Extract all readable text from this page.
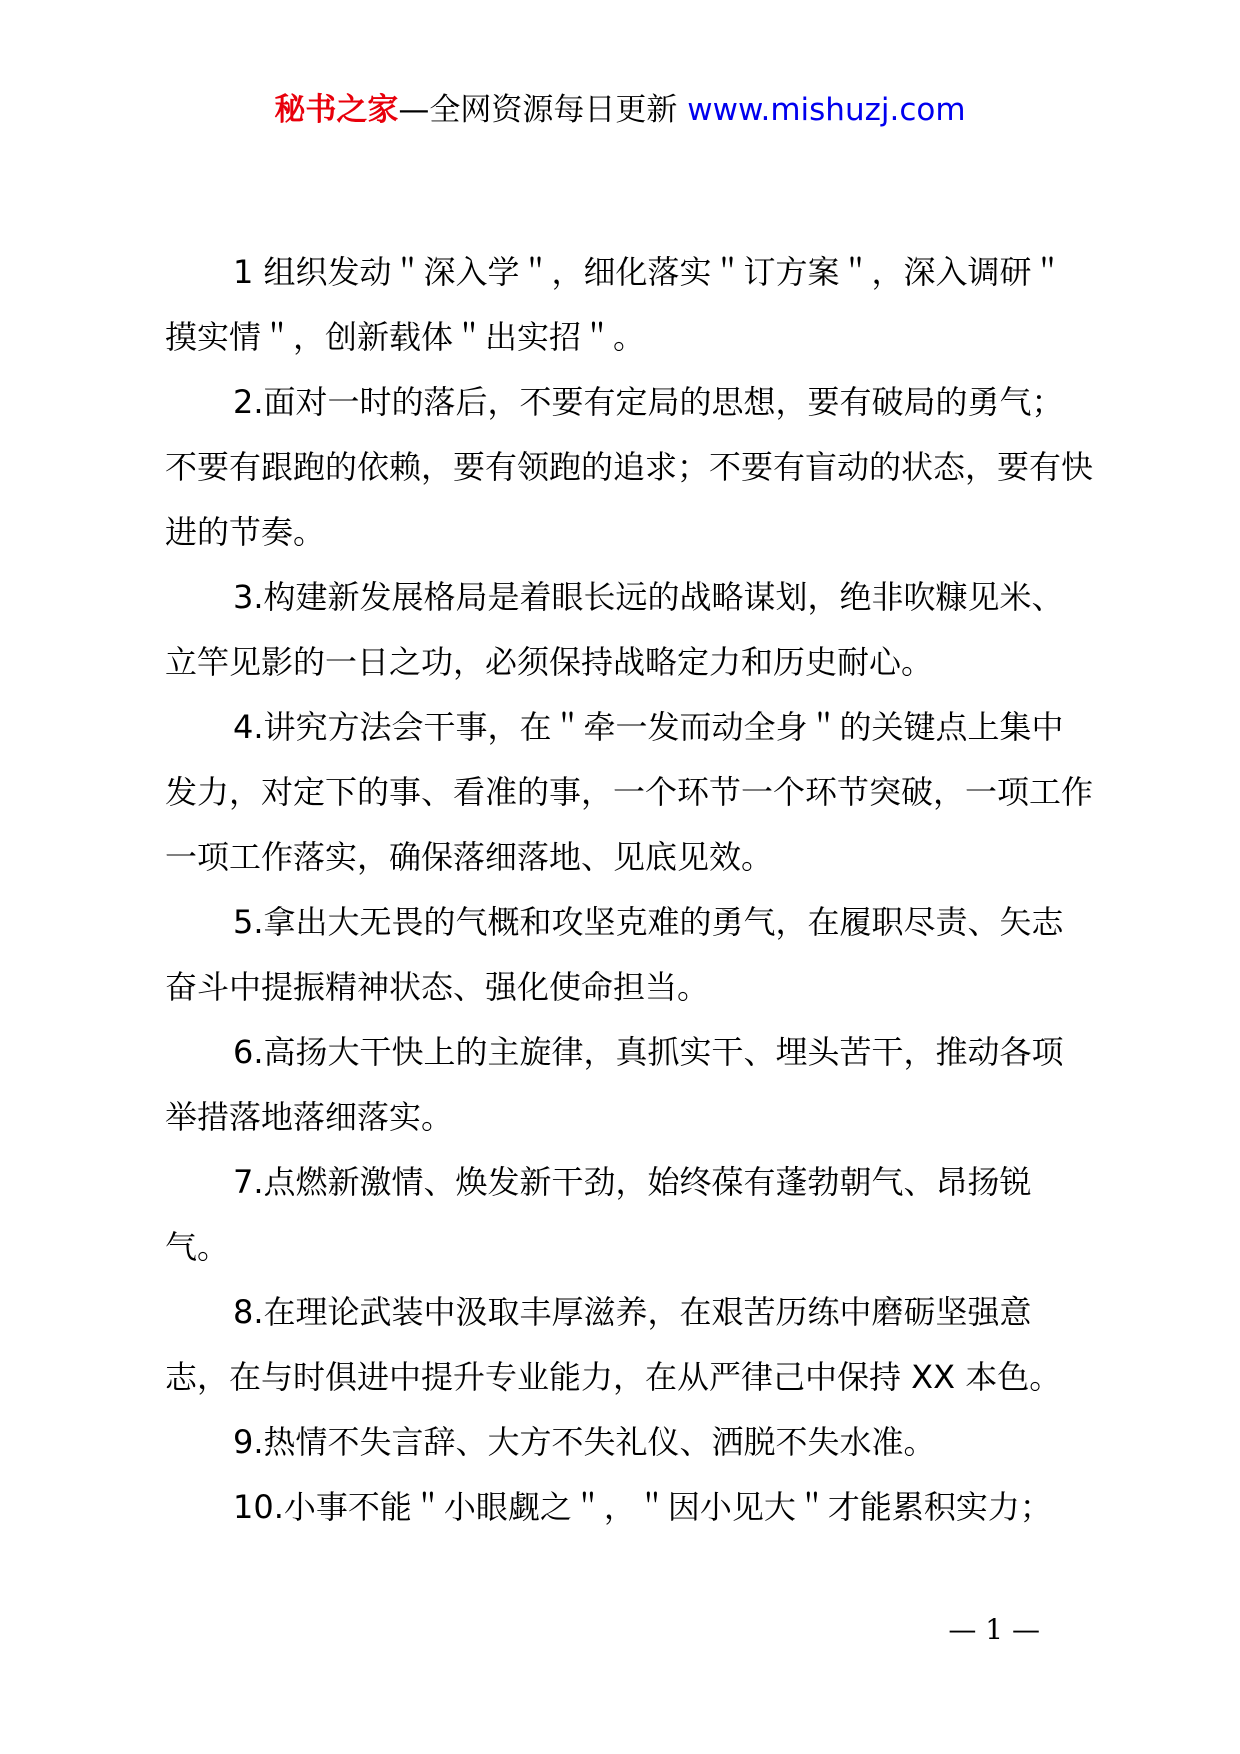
秘书之家—全网资源每日更新 www.mishuzj.com

1 组织发动＂深入学＂，细化落实＂订方案＂，深入调研＂摸实情＂，创新载体＂出实招＂。

2.面对一时的落后，不要有定局的思想，要有破局的勇气；不要有跟跑的依赖，要有领跑的追求；不要有盲动的状态，要有快进的节奏。

3.构建新发展格局是着眼长远的战略谋划，绝非吹糠见米、立竿见影的一日之功，必须保持战略定力和历史耐心。

4.讲究方法会干事，在＂牵一发而动全身＂的关键点上集中发力，对定下的事、看准的事，一个环节一个环节突破，一项工作一项工作落实，确保落细落地、见底见效。

5.拿出大无畏的气概和攻坚克难的勇气，在履职尽责、矢志奋斗中提振精神状态、强化使命担当。

6.高扬大干快上的主旋律，真抓实干、埋头苦干，推动各项举措落地落细落实。

7.点燃新激情、焕发新干劲，始终葆有蓬勃朝气、昂扬锐气。

8.在理论武装中汲取丰厚滋养，在艰苦历练中磨砺坚强意志，在与时俱进中提升专业能力，在从严律己中保持 XX 本色。

9.热情不失言辞、大方不失礼仪、洒脱不失水准。

10.小事不能＂小眼觑之＂，＂因小见大＂才能累积实力；

— 1 —
